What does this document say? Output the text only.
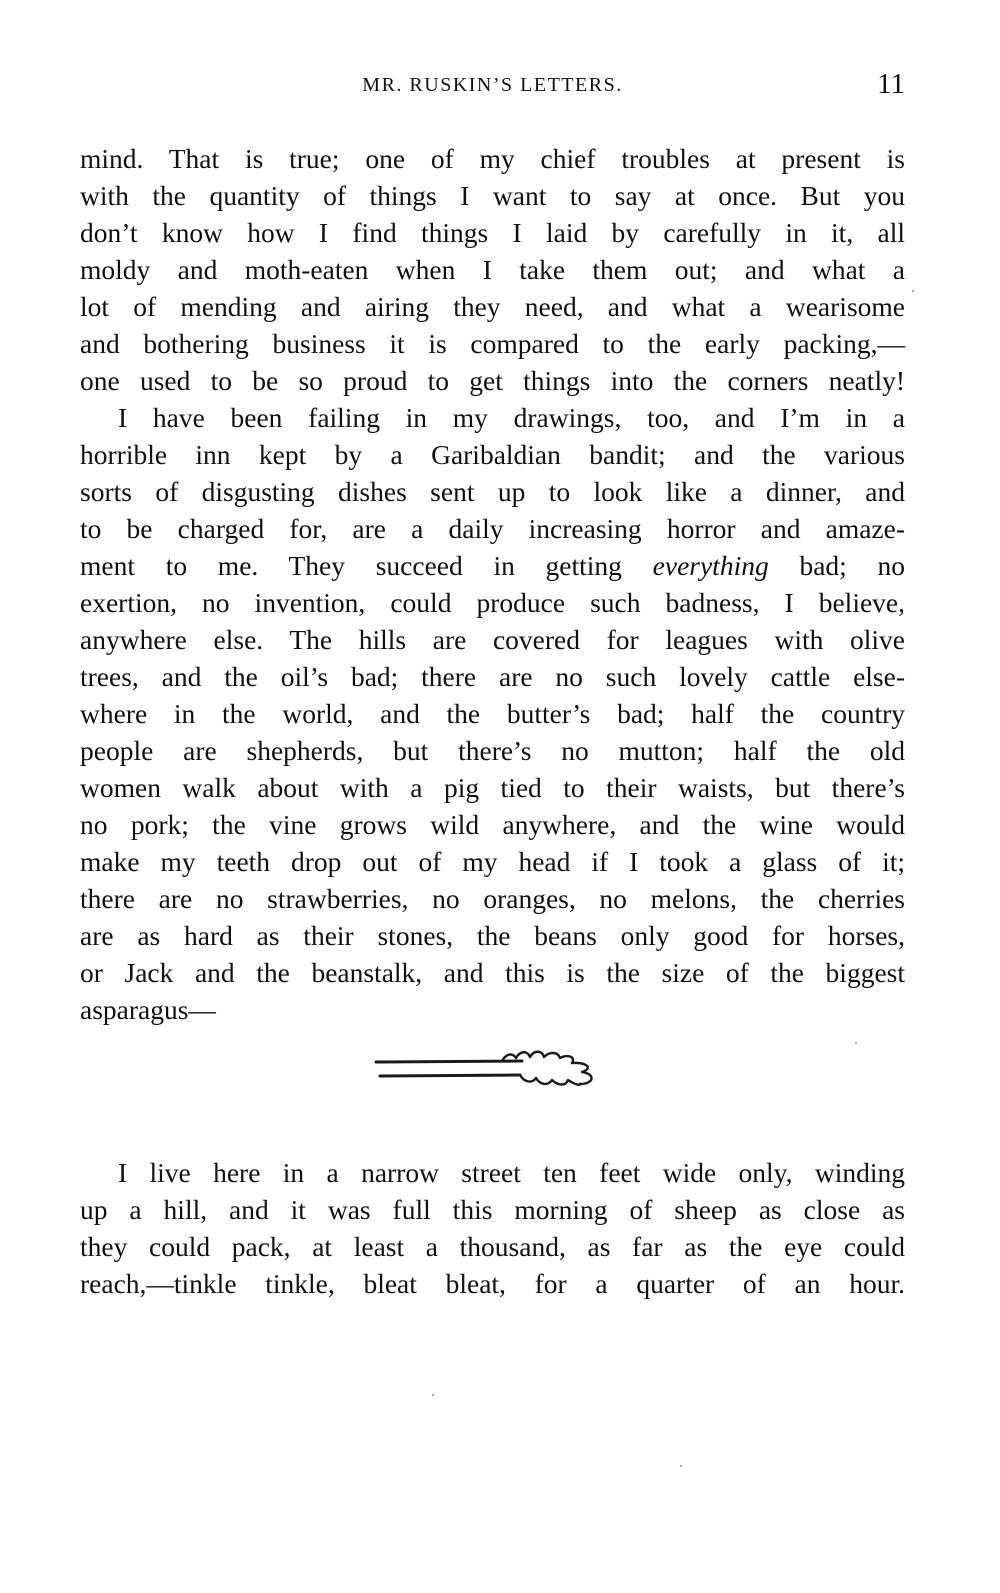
MR. RUSKIN’S LETTERS.	11
mind. That is true; one of my chief troubles at present is
with the quantity of things I want to say at once. But you
don’t know how I find things I laid by carefully in it, all
moldy and moth-eaten when I take them out; and what a
lot of mending and airing they need, and what a wearisome
and bothering business it is compared to the early packing,—
one used to be so proud to get things into the corners neatly!
I have been failing in my drawings, too, and I’m in a
horrible inn kept by a Garibaldian bandit; and the various
sorts of disgusting dishes sent up to look like a dinner, and
to be charged for, are a daily increasing horror and amaze-
ment to me. They succeed in getting everything bad; no
exertion, no invention, could produce such badness, I believe,
anywhere else. The hills are covered for leagues with olive
trees, and the oil’s bad; there are no such lovely cattle else-
where in the world, and the butter’s bad; half the country
people are shepherds, but there’s no mutton; half the old
women walk about with a pig tied to their waists, but there’s
no pork; the vine grows wild anywhere, and the wine would
make my teeth drop out of my head if I took a glass of it;
there are no strawberries, no oranges, no melons, the cherries
are as hard as their stones, the beans only good for horses,
or Jack and the beanstalk, and this is the size of the biggest
asparagus—
I live here in a narrow street ten feet wide only, winding
up a hill, and it was full this morning of sheep as close as
they could pack, at least a thousand, as far as the eye could
reach,—tinkle tinkle, bleat bleat, for a quarter of an hour.
